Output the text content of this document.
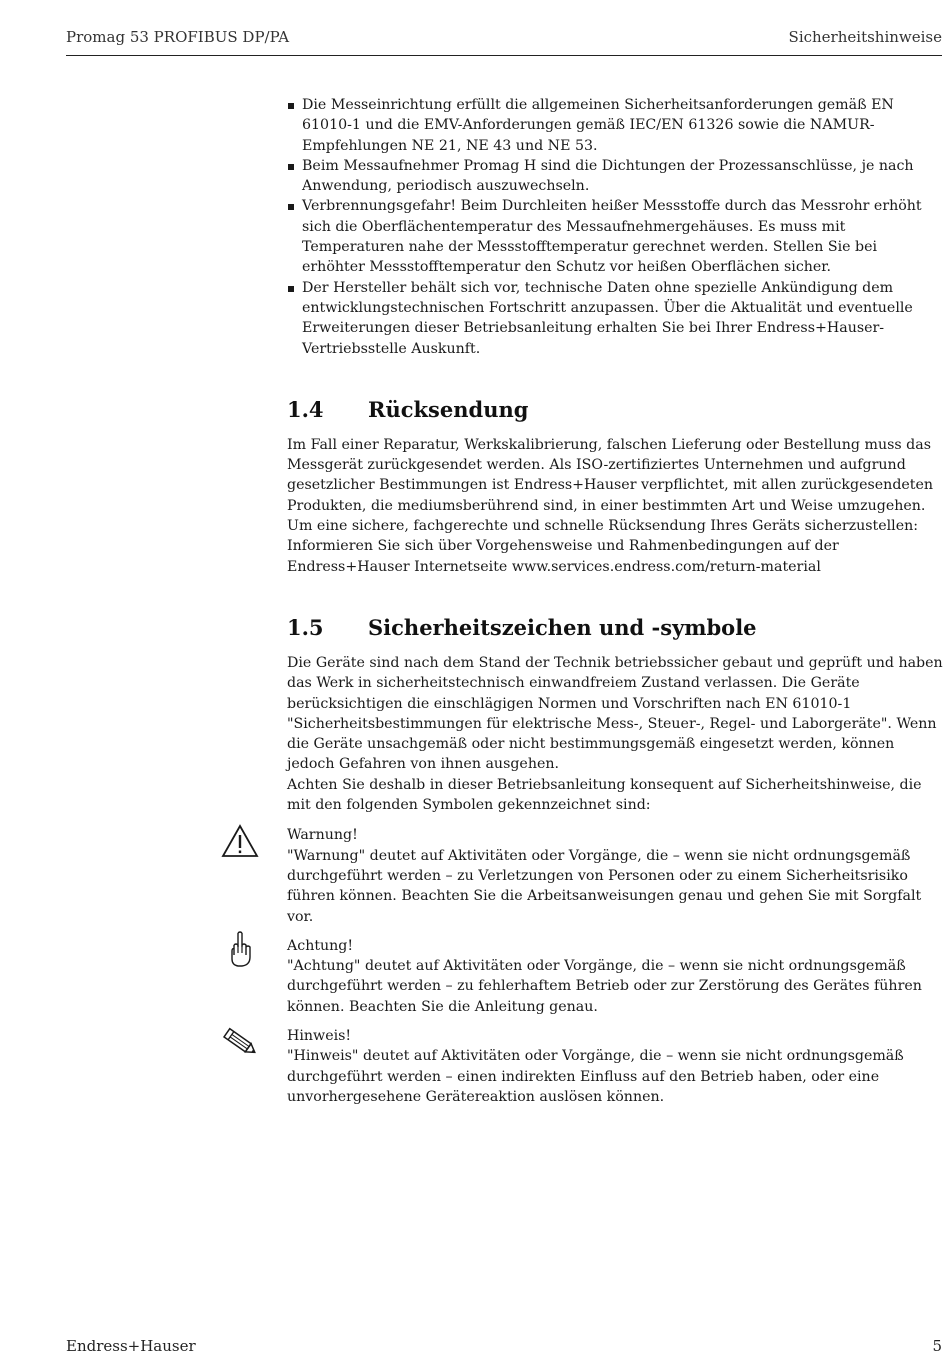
Promag 53 PROFIBUS DP/PA	Sicherheitshinweise
Die Messeinrichtung erfüllt die allgemeinen Sicherheitsanforderungen gemäß EN 61010-1 und die EMV-Anforderungen gemäß IEC/EN 61326 sowie die NAMUR-Empfehlungen NE 21, NE 43 und NE 53.
Beim Messaufnehmer Promag H sind die Dichtungen der Prozessanschlüsse, je nach Anwendung, periodisch auszuwechseln.
Verbrennungsgefahr! Beim Durchleiten heißer Messstoffe durch das Messrohr erhöht sich die Oberflächentemperatur des Messaufnehmergehäuses. Es muss mit Temperaturen nahe der Messstofftemperatur gerechnet werden. Stellen Sie bei erhöhter Messstofftemperatur den Schutz vor heißen Oberflächen sicher.
Der Hersteller behält sich vor, technische Daten ohne spezielle Ankündigung dem entwicklungstechnischen Fortschritt anzupassen. Über die Aktualität und eventuelle Erweiterungen dieser Betriebsanleitung erhalten Sie bei Ihrer Endress+Hauser-Vertriebsstelle Auskunft.
1.4	Rücksendung

Im Fall einer Reparatur, Werkskalibrierung, falschen Lieferung oder Bestellung muss das Messgerät zurückgesendet werden. Als ISO-zertifiziertes Unternehmen und aufgrund gesetzlicher Bestimmungen ist Endress+Hauser verpflichtet, mit allen zurückgesendeten Produkten, die mediumsberührend sind, in einer bestimmten Art und Weise umzugehen. Um eine sichere, fachgerechte und schnelle Rücksendung Ihres Geräts sicherzustellen: Informieren Sie sich über Vorgehensweise und Rahmenbedingungen auf der Endress+Hauser Internetseite www.services.endress.com/return-material

1.5	Sicherheitszeichen und -symbole

Die Geräte sind nach dem Stand der Technik betriebssicher gebaut und geprüft und haben das Werk in sicherheitstechnisch einwandfreiem Zustand verlassen. Die Geräte berücksichtigen die einschlägigen Normen und Vorschriften nach EN 61010-1 "Sicherheitsbestimmungen für elektrische Mess-, Steuer-, Regel- und Laborgeräte". Wenn die Geräte unsachgemäß oder nicht bestimmungsgemäß eingesetzt werden, können jedoch Gefahren von ihnen ausgehen.

Achten Sie deshalb in dieser Betriebsanleitung konsequent auf Sicherheitshinweise, die mit den folgenden Symbolen gekennzeichnet sind:

Warnung!

"Warnung" deutet auf Aktivitäten oder Vorgänge, die – wenn sie nicht ordnungsgemäß durchgeführt werden – zu Verletzungen von Personen oder zu einem Sicherheitsrisiko führen können. Beachten Sie die Arbeitsanweisungen genau und gehen Sie mit Sorgfalt vor.

Achtung!

"Achtung" deutet auf Aktivitäten oder Vorgänge, die – wenn sie nicht ordnungsgemäß durchgeführt werden – zu fehlerhaftem Betrieb oder zur Zerstörung des Gerätes führen können. Beachten Sie die Anleitung genau.

Hinweis!

"Hinweis" deutet auf Aktivitäten oder Vorgänge, die – wenn sie nicht ordnungsgemäß durchgeführt werden – einen indirekten Einfluss auf den Betrieb haben, oder eine unvorhergesehene Gerätereaktion auslösen können.

Endress+Hauser	5
